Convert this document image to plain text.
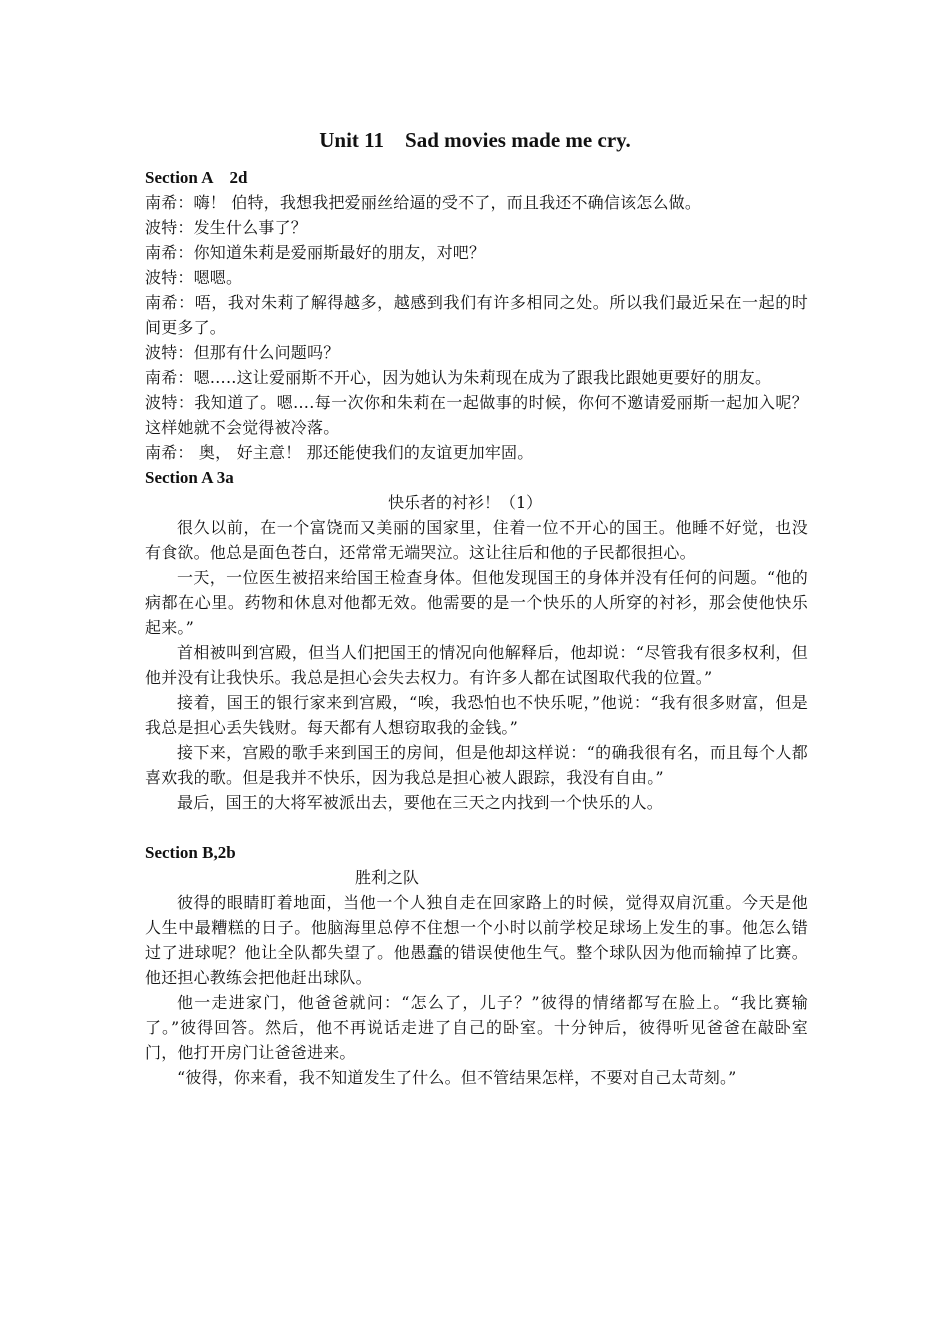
Unit 11    Sad movies made me cry.
Section A    2d
南希：嗨！ 伯特，我想我把爱丽丝给逼的受不了，而且我还不确信该怎么做。
波特：发生什么事了？
南希：你知道朱莉是爱丽斯最好的朋友，对吧？
波特：嗯嗯。
南希：唔，我对朱莉了解得越多，越感到我们有许多相同之处。所以我们最近呆在一起的时间更多了。
波特：但那有什么问题吗？
南希：嗯…..这让爱丽斯不开心，因为她认为朱莉现在成为了跟我比跟她更要好的朋友。
波特：我知道了。嗯….每一次你和朱莉在一起做事的时候，你何不邀请爱丽斯一起加入呢？这样她就不会觉得被冷落。
南希： 奥， 好主意！ 那还能使我们的友谊更加牢固。
Section A 3a
快乐者的衬衫！（1）
很久以前，在一个富饶而又美丽的国家里，住着一位不开心的国王。他睡不好觉，也没有食欲。他总是面色苍白，还常常无端哭泣。这让往后和他的子民都很担心。
一天，一位医生被招来给国王检查身体。但他发现国王的身体并没有任何的问题。“他的病都在心里。药物和休息对他都无效。他需要的是一个快乐的人所穿的衬衫，那会使他快乐起来。”
首相被叫到宫殿，但当人们把国王的情况向他解释后，他却说：“尽管我有很多权利，但他并没有让我快乐。我总是担心会失去权力。有许多人都在试图取代我的位置。”
接着，国王的银行家来到宫殿，“唉，我恐怕也不快乐呢，”他说：“我有很多财富，但是我总是担心丢失钱财。每天都有人想窃取我的金钱。”
接下来，宫殿的歌手来到国王的房间，但是他却这样说：“的确我很有名，而且每个人都喜欢我的歌。但是我并不快乐，因为我总是担心被人跟踪，我没有自由。”
最后，国王的大将军被派出去，要他在三天之内找到一个快乐的人。
Section B,2b
胜利之队
彼得的眼睛盯着地面，当他一个人独自走在回家路上的时候，觉得双肩沉重。今天是他人生中最糟糕的日子。他脑海里总停不住想一个小时以前学校足球场上发生的事。他怎么错过了进球呢？他让全队都失望了。他愚蠢的错误使他生气。整个球队因为他而输掉了比赛。他还担心教练会把他赶出球队。
他一走进家门，他爸爸就问：“怎么了，儿子？”彼得的情绪都写在脸上。“我比赛输了。”彼得回答。然后，他不再说话走进了自己的卧室。十分钟后，彼得听见爸爸在敲卧室门，他打开房门让爸爸进来。
“彼得，你来看，我不知道发生了什么。但不管结果怎样，不要对自己太苛刻。”
